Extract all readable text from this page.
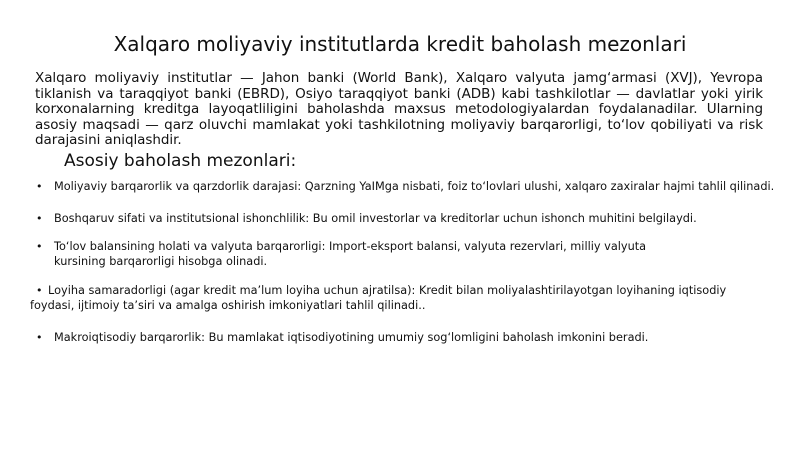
Xalqaro moliyaviy institutlarda kredit baholash mezonlari
Xalqaro moliyaviy institutlar — Jahon banki (World Bank), Xalqaro valyuta jamg‘armasi (XVJ), Yevropa tiklanish va taraqqiyot banki (EBRD), Osiyo taraqqiyot banki (ADB) kabi tashkilotlar — davlatlar yoki yirik korxonalarning kreditga layoqatliligini baholashda maxsus metodologiyalardan foydalanadilar. Ularning asosiy maqsadi — qarz oluvchi mamlakat yoki tashkilotning moliyaviy barqarorligi, to‘lov qobiliyati va risk darajasini aniqlashdir.
Asosiy baholash mezonlari:
•	Moliyaviy barqarorlik va qarzdorlik darajasi: Qarzning YaIMga nisbati, foiz to‘lovlari ulushi, xalqaro zaxiralar hajmi tahlil qilinadi.
•	Boshqaruv sifati va institutsional ishonchlilik: Bu omil investorlar va kreditorlar uchun ishonch muhitini belgilaydi.
•	To‘lov balansining holati va valyuta barqarorligi: Import-eksport balansi, valyuta rezervlari, milliy valyuta kursining barqarorligi hisobga olinadi.
• Loyiha samaradorligi (agar kredit ma’lum loyiha uchun ajratilsa): Kredit bilan moliyalashtirilayotgan loyihaning iqtisodiy foydasi, ijtimoiy ta’siri va amalga oshirish imkoniyatlari tahlil qilinadi..
•	Makroiqtisodiy barqarorlik: Bu mamlakat iqtisodiyotining umumiy sog‘lomligini baholash imkonini beradi.
